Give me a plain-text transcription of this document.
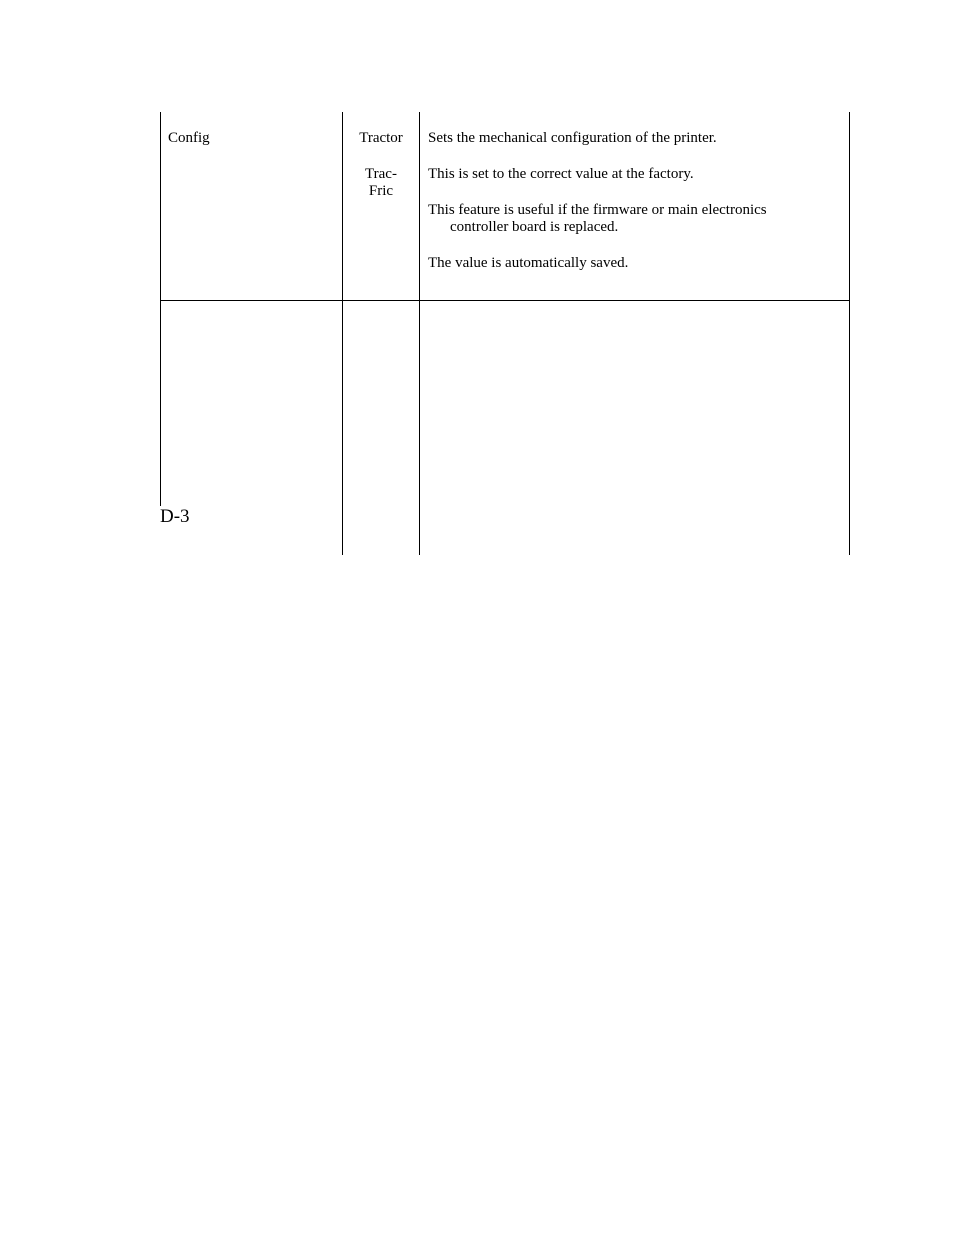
Config	Tractor
Trac-
Fric

Sets the mechanical configuration of the printer.

This is set to the correct value at the factory.

This feature is useful if the firmware or main electronics controller board is replaced.

The value is automatically saved.

D-3
